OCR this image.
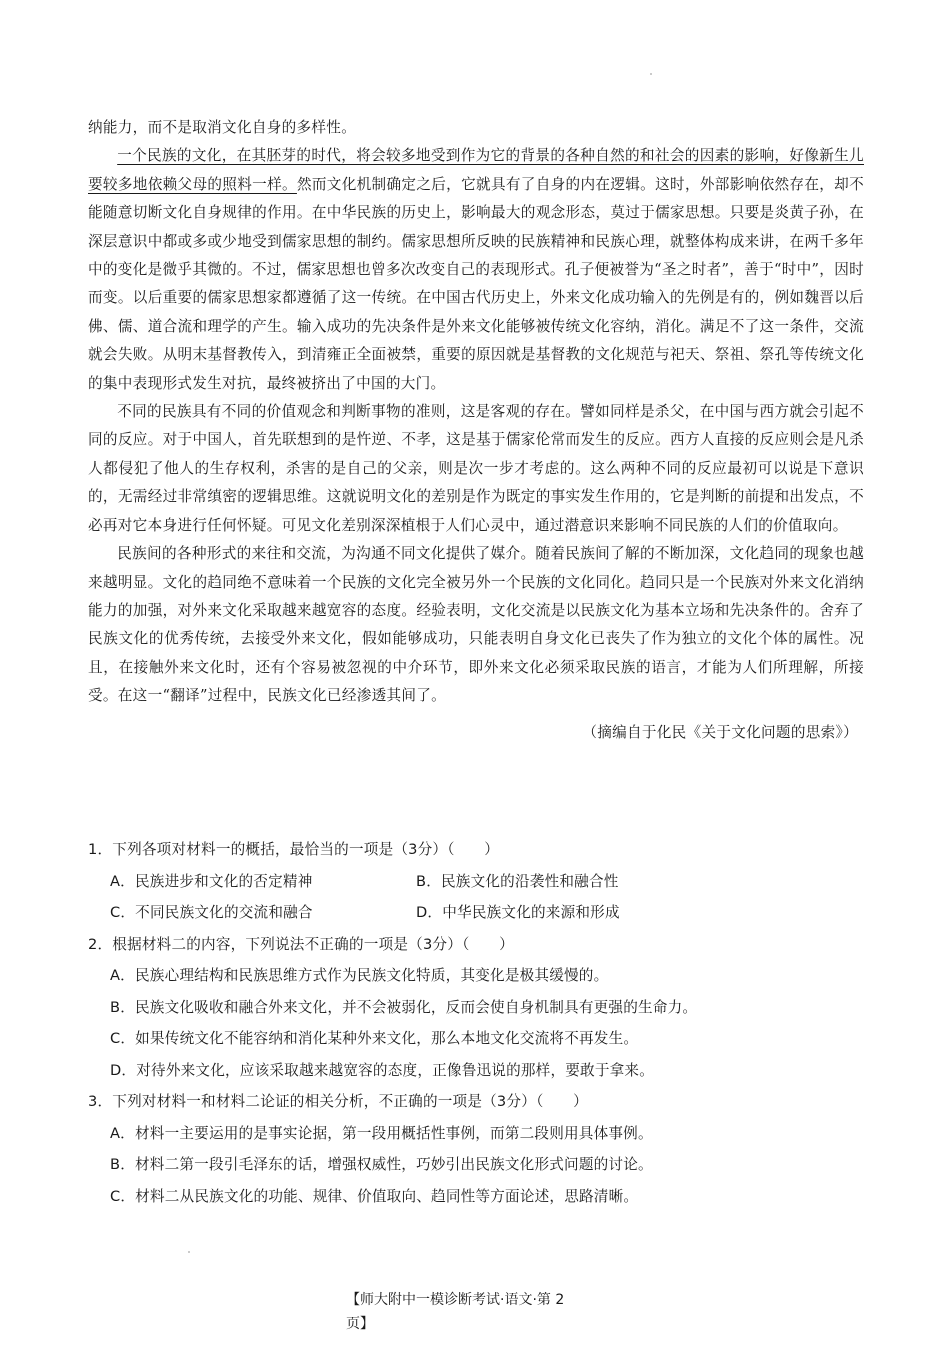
纳能力，而不是取消文化自身的多样性。

一个民族的文化，在其胚芽的时代，将会较多地受到作为它的背景的各种自然的和社会的因素的影响，好像新生儿要较多地依赖父母的照料一样。然而文化机制确定之后，它就具有了自身的内在逻辑。这时，外部影响依然存在，却不能随意切断文化自身规律的作用。在中华民族的历史上，影响最大的观念形态，莫过于儒家思想。只要是炎黄子孙，在深层意识中都或多或少地受到儒家思想的制约。儒家思想所反映的民族精神和民族心理，就整体构成来讲，在两千多年中的变化是微乎其微的。不过，儒家思想也曾多次改变自己的表现形式。孔子便被誉为“圣之时者”，善于“时中”，因时而变。以后重要的儒家思想家都遵循了这一传统。在中国古代历史上，外来文化成功输入的先例是有的，例如魏晋以后佛、儒、道合流和理学的产生。输入成功的先决条件是外来文化能够被传统文化容纳，消化。满足不了这一条件，交流就会失败。从明末基督教传入，到清雍正全面被禁，重要的原因就是基督教的文化规范与祀天、祭祖、祭孔等传统文化的集中表现形式发生对抗，最终被挤出了中国的大门。

不同的民族具有不同的价值观念和判断事物的准则，这是客观的存在。譬如同样是杀父，在中国与西方就会引起不同的反应。对于中国人，首先联想到的是忤逆、不孝，这是基于儒家伦常而发生的反应。西方人直接的反应则会是凡杀人都侵犯了他人的生存权利，杀害的是自己的父亲，则是次一步才考虑的。这么两种不同的反应最初可以说是下意识的，无需经过非常缜密的逻辑思维。这就说明文化的差别是作为既定的事实发生作用的，它是判断的前提和出发点，不必再对它本身进行任何怀疑。可见文化差别深深植根于人们心灵中，通过潜意识来影响不同民族的人们的价值取向。

民族间的各种形式的来往和交流，为沟通不同文化提供了媒介。随着民族间了解的不断加深，文化趋同的现象也越来越明显。文化的趋同绝不意味着一个民族的文化完全被另外一个民族的文化同化。趋同只是一个民族对外来文化消纳能力的加强，对外来文化采取越来越宽容的态度。经验表明，文化交流是以民族文化为基本立场和先决条件的。舍弃了民族文化的优秀传统，去接受外来文化，假如能够成功，只能表明自身文化已丧失了作为独立的文化个体的属性。况且，在接触外来文化时，还有个容易被忽视的中介环节，即外来文化必须采取民族的语言，才能为人们所理解，所接受。在这一“翻译”过程中，民族文化已经渗透其间了。

（摘编自于化民《关于文化问题的思索》）

1．下列各项对材料一的概括，最恰当的一项是（3分）（　　）

A．民族进步和文化的否定精神	B．民族文化的沿袭性和融合性
C．不同民族文化的交流和融合	D．中华民族文化的来源和形成

2．根据材料二的内容，下列说法不正确的一项是（3分）（　　）

A．民族心理结构和民族思维方式作为民族文化特质，其变化是极其缓慢的。

B．民族文化吸收和融合外来文化，并不会被弱化，反而会使自身机制具有更强的生命力。

C．如果传统文化不能容纳和消化某种外来文化，那么本地文化交流将不再发生。

D．对待外来文化，应该采取越来越宽容的态度，正像鲁迅说的那样，要敢于拿来。

3．下列对材料一和材料二论证的相关分析，不正确的一项是（3分）（　　）

A．材料一主要运用的是事实论据，第一段用概括性事例，而第二段则用具体事例。

B．材料二第一段引毛泽东的话，增强权威性，巧妙引出民族文化形式问题的讨论。

C．材料二从民族文化的功能、规律、价值取向、趋同性等方面论述，思路清晰。

【师大附中一模诊断考试·语文·第 2
页】
